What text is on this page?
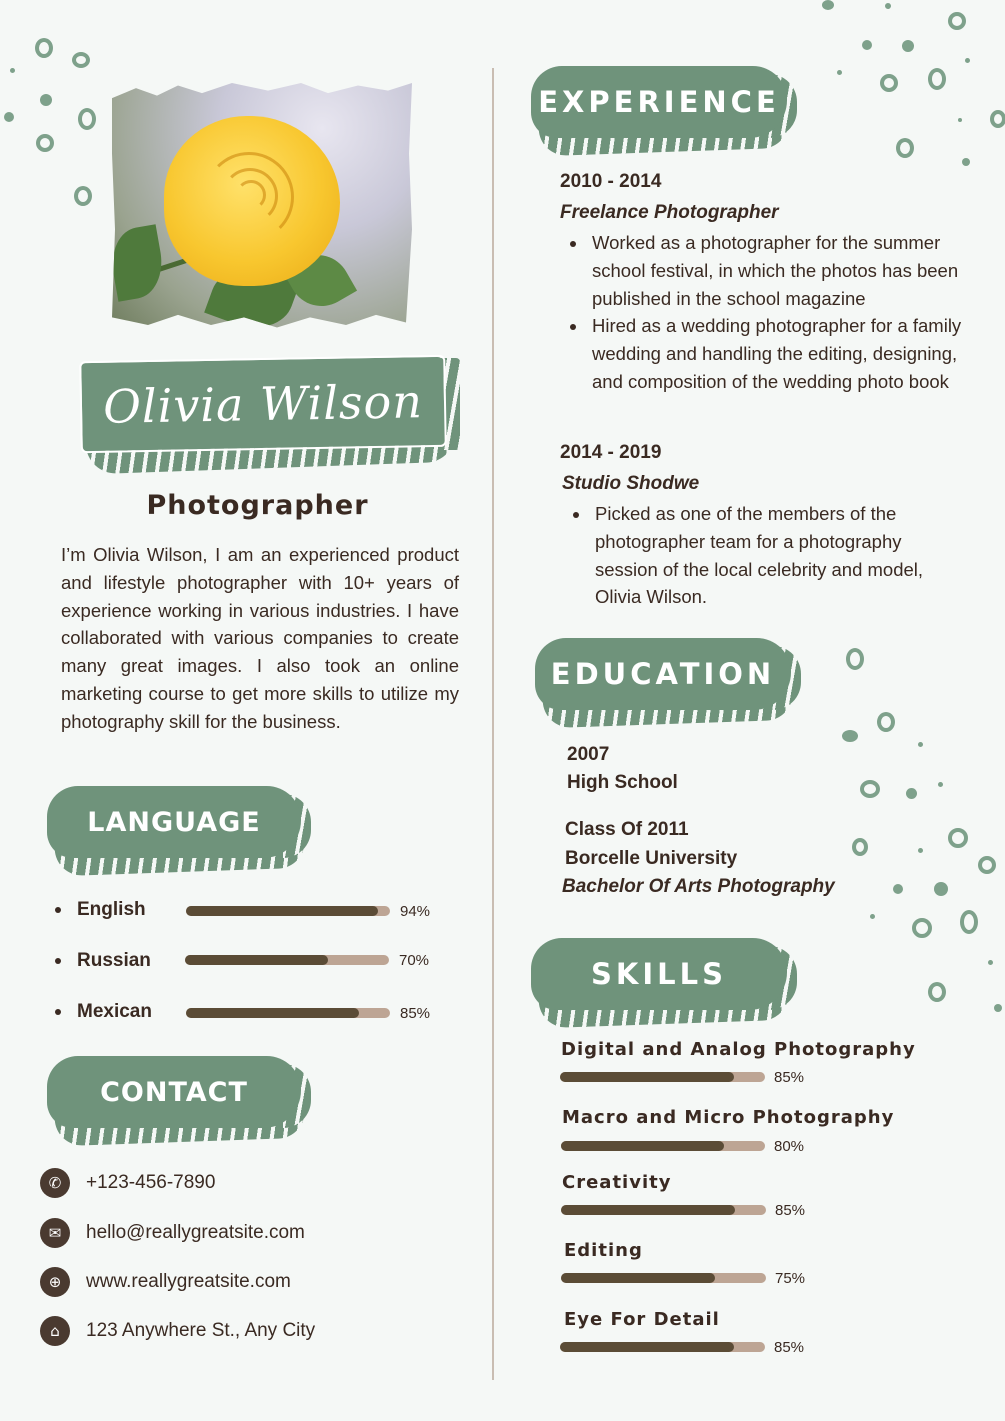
Olivia Wilson
Photographer
I’m Olivia Wilson, I am an experienced product and lifestyle photographer with 10+ years of experience working in various industries. I have collaborated with various companies to create many great images. I also took an online marketing course to get more skills to utilize my photography skill for the business.
LANGUAGE
English	94%
Russian	70%
Mexican	85%
CONTACT
✆	+123-456-7890
✉	hello@reallygreatsite.com
⊕	www.reallygreatsite.com
⌂	123 Anywhere St., Any City
EXPERIENCE
2010 - 2014
Freelance Photographer
Worked as a photographer for the summer school festival, in which the photos has been published in the school magazine
Hired as a wedding photographer for a family wedding and handling the editing, designing, and composition of the wedding photo book
2014 - 2019
Studio Shodwe
Picked as one of the members of the photographer team for a photography session of the local celebrity and model, Olivia Wilson.
EDUCATION
2007
High School
Class Of 2011
Borcelle University
Bachelor Of Arts Photography
SKILLS
Digital and Analog Photography
85%
Macro and Micro Photography
80%
Creativity
85%
Editing
75%
Eye For Detail
85%
